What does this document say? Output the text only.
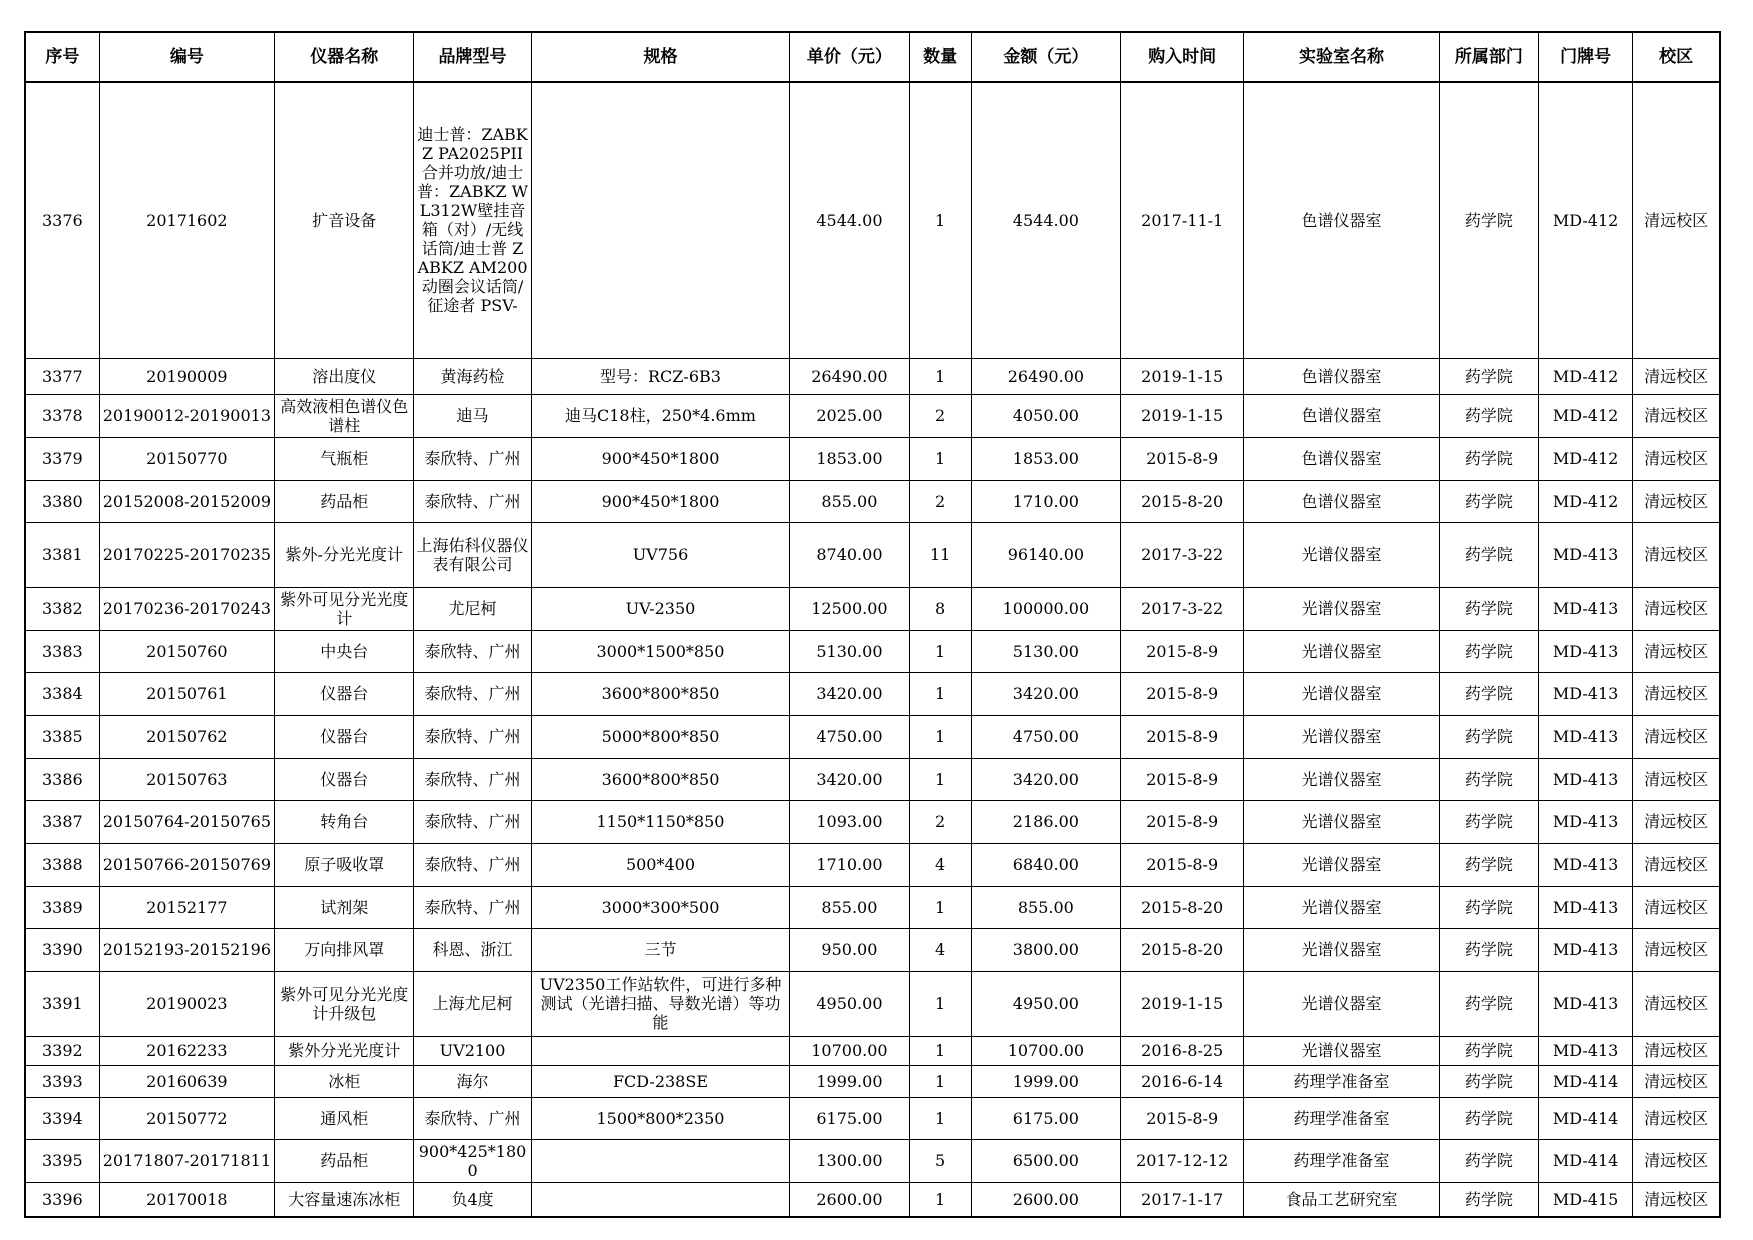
序号	编号	仪器名称	品牌型号	规格	单价（元）	数量	金额（元）	购入时间	实验室名称	所属部门	门牌号	校区

3376	20171602	扩音设备	迪士普：ZABKZ PA2025PII合并功放/迪士普：ZABKZ WL312W壁挂音箱（对）/无线话筒/迪士普 ZABKZ AM200动圈会议话筒/征途者 PSV-		4544.00	1	4544.00	2017-11-1	色谱仪器室	药学院	MD-412	清远校区

3377	20190009	溶出度仪	黄海药检	型号：RCZ-6B3	26490.00	1	26490.00	2019-1-15	色谱仪器室	药学院	MD-412	清远校区

3378	20190012-20190013	高效液相色谱仪色谱柱	迪马	迪马C18柱，250*4.6mm	2025.00	2	4050.00	2019-1-15	色谱仪器室	药学院	MD-412	清远校区

3379	20150770	气瓶柜	泰欣特、广州	900*450*1800	1853.00	1	1853.00	2015-8-9	色谱仪器室	药学院	MD-412	清远校区

3380	20152008-20152009	药品柜	泰欣特、广州	900*450*1800	855.00	2	1710.00	2015-8-20	色谱仪器室	药学院	MD-412	清远校区

3381	20170225-20170235	紫外-分光光度计	上海佑科仪器仪表有限公司	UV756	8740.00	11	96140.00	2017-3-22	光谱仪器室	药学院	MD-413	清远校区

3382	20170236-20170243	紫外可见分光光度计	尤尼柯	UV-2350	12500.00	8	100000.00	2017-3-22	光谱仪器室	药学院	MD-413	清远校区

3383	20150760	中央台	泰欣特、广州	3000*1500*850	5130.00	1	5130.00	2015-8-9	光谱仪器室	药学院	MD-413	清远校区

3384	20150761	仪器台	泰欣特、广州	3600*800*850	3420.00	1	3420.00	2015-8-9	光谱仪器室	药学院	MD-413	清远校区

3385	20150762	仪器台	泰欣特、广州	5000*800*850	4750.00	1	4750.00	2015-8-9	光谱仪器室	药学院	MD-413	清远校区

3386	20150763	仪器台	泰欣特、广州	3600*800*850	3420.00	1	3420.00	2015-8-9	光谱仪器室	药学院	MD-413	清远校区

3387	20150764-20150765	转角台	泰欣特、广州	1150*1150*850	1093.00	2	2186.00	2015-8-9	光谱仪器室	药学院	MD-413	清远校区

3388	20150766-20150769	原子吸收罩	泰欣特、广州	500*400	1710.00	4	6840.00	2015-8-9	光谱仪器室	药学院	MD-413	清远校区

3389	20152177	试剂架	泰欣特、广州	3000*300*500	855.00	1	855.00	2015-8-20	光谱仪器室	药学院	MD-413	清远校区

3390	20152193-20152196	万向排风罩	科恩、浙江	三节	950.00	4	3800.00	2015-8-20	光谱仪器室	药学院	MD-413	清远校区

3391	20190023	紫外可见分光光度计升级包	上海尤尼柯	UV2350工作站软件，可进行多种测试（光谱扫描、导数光谱）等功能	4950.00	1	4950.00	2019-1-15	光谱仪器室	药学院	MD-413	清远校区

3392	20162233	紫外分光光度计	UV2100		10700.00	1	10700.00	2016-8-25	光谱仪器室	药学院	MD-413	清远校区

3393	20160639	冰柜	海尔	FCD-238SE	1999.00	1	1999.00	2016-6-14	药理学准备室	药学院	MD-414	清远校区

3394	20150772	通风柜	泰欣特、广州	1500*800*2350	6175.00	1	6175.00	2015-8-9	药理学准备室	药学院	MD-414	清远校区

3395	20171807-20171811	药品柜	900*425*1800		1300.00	5	6500.00	2017-12-12	药理学准备室	药学院	MD-414	清远校区

3396	20170018	大容量速冻冰柜	负4度		2600.00	1	2600.00	2017-1-17	食品工艺研究室	药学院	MD-415	清远校区
